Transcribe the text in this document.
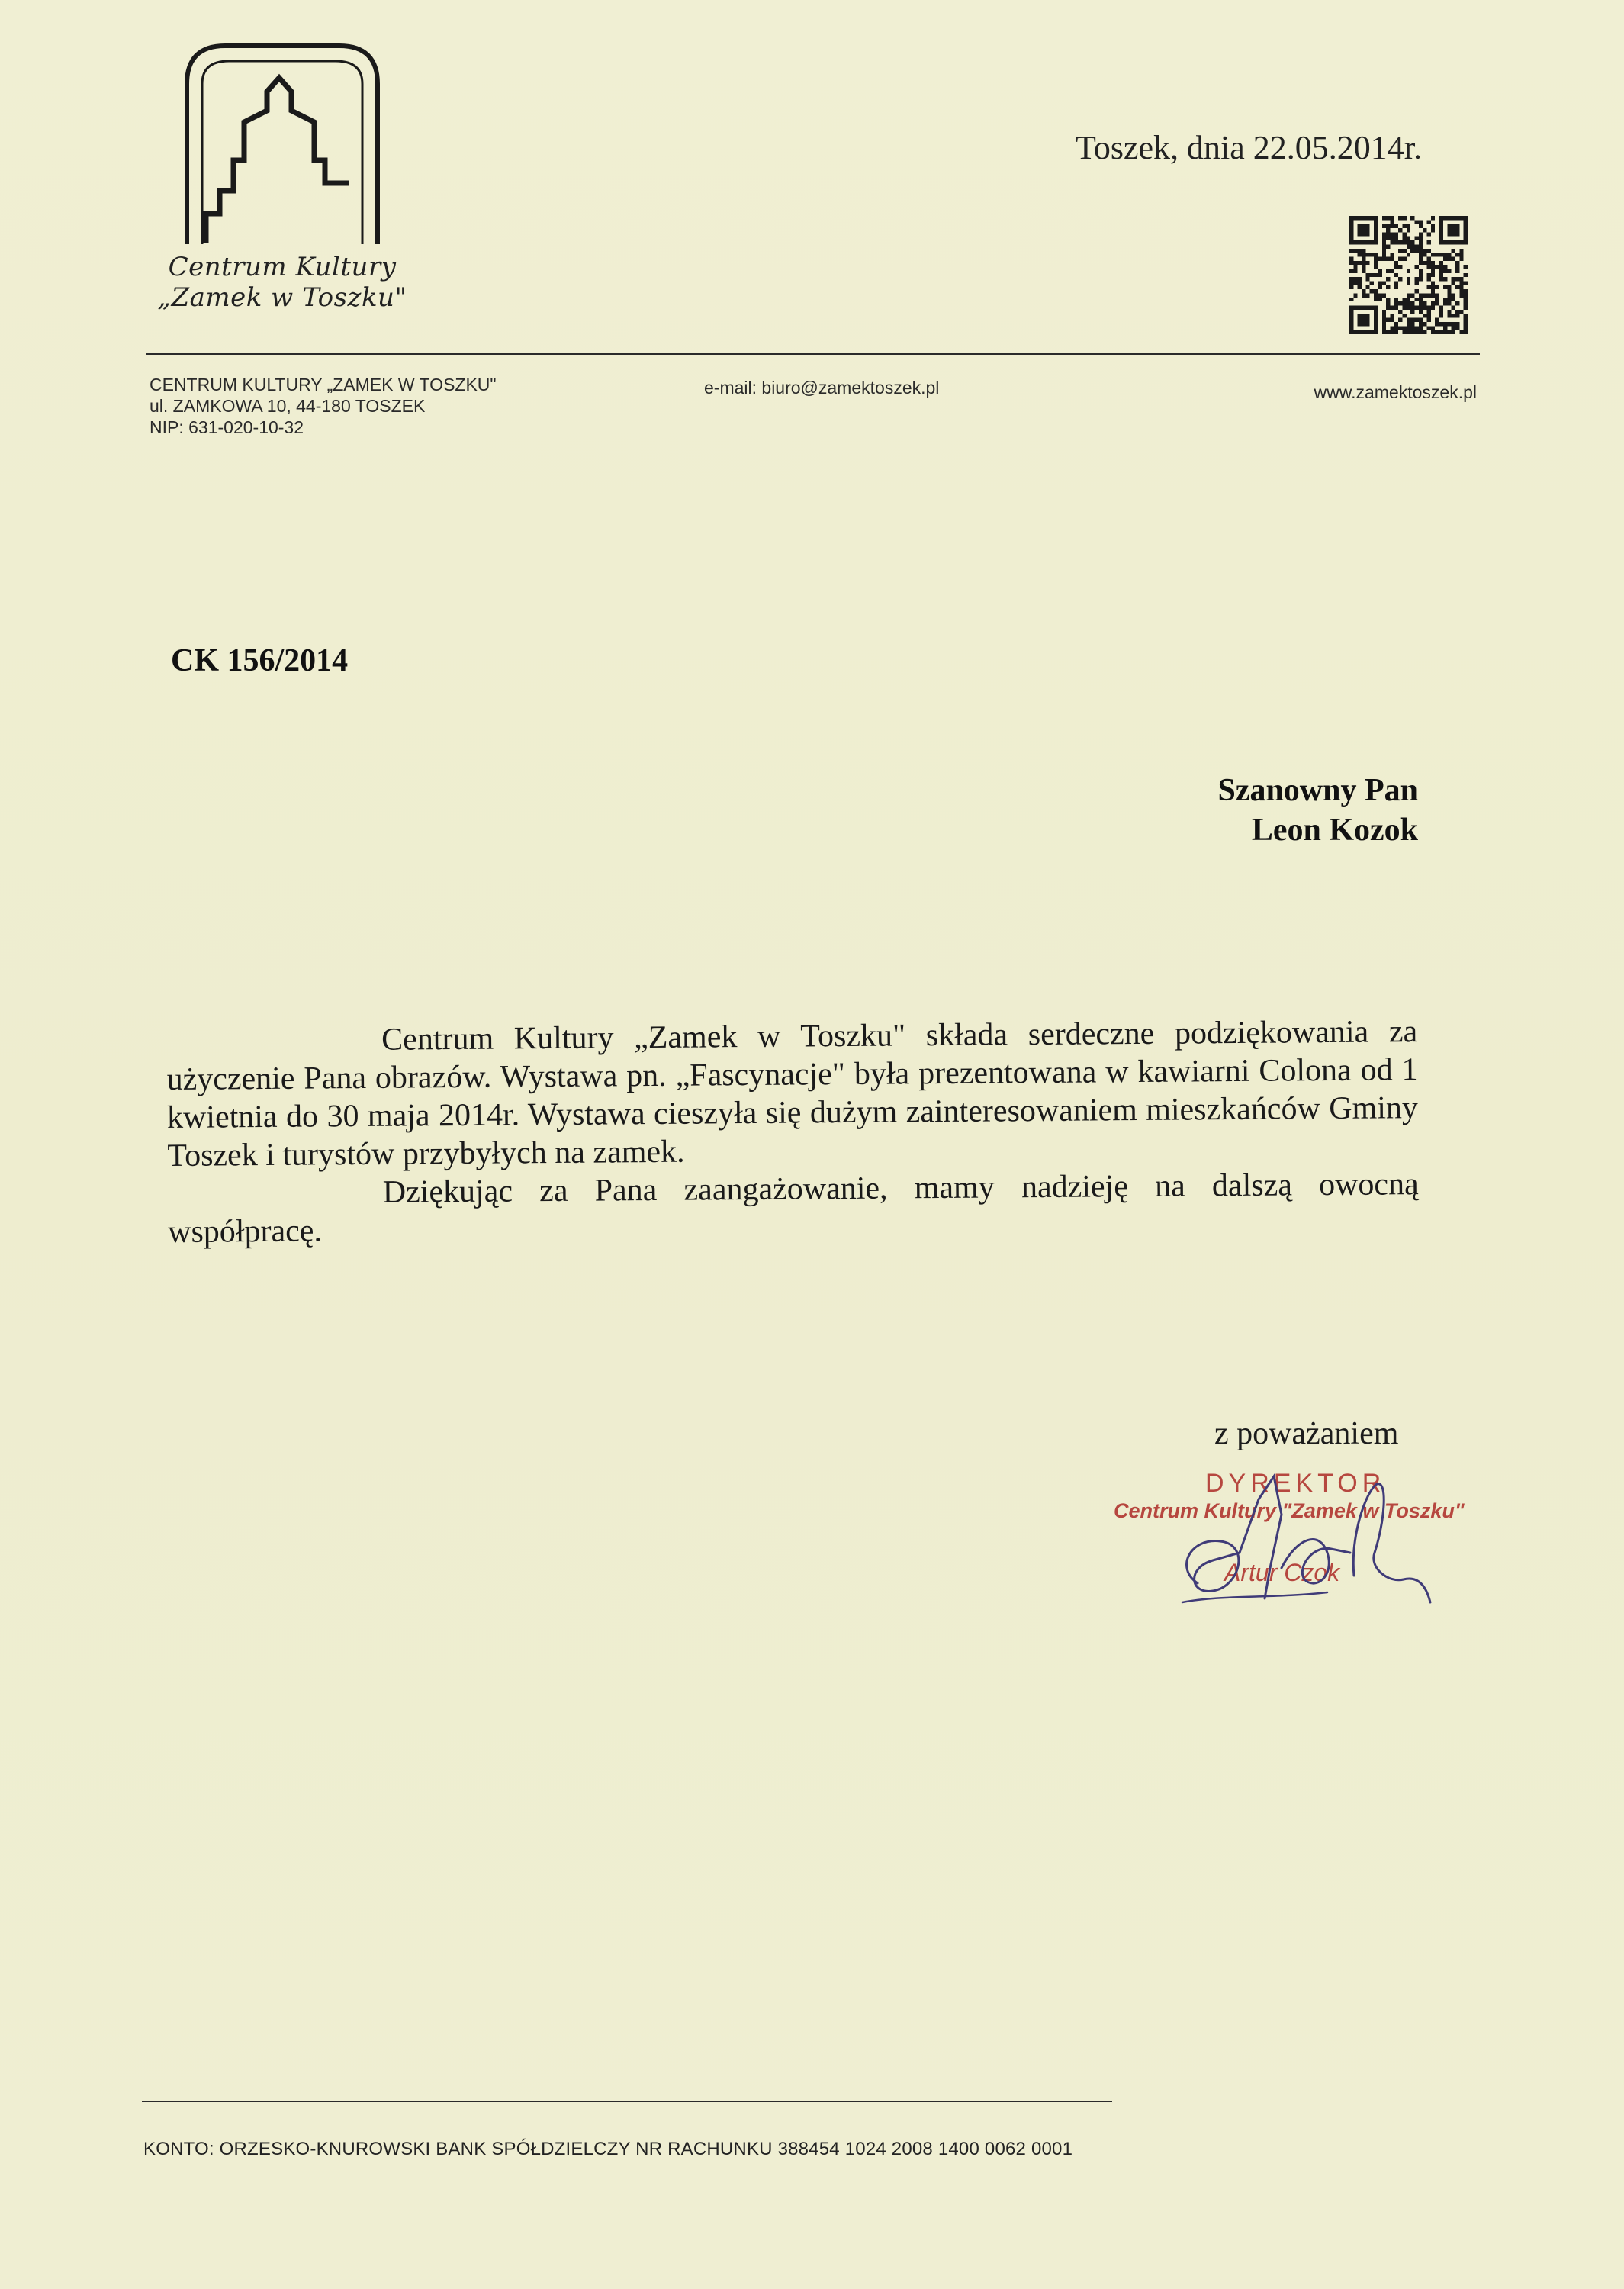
Centrum Kultury
„Zamek w Toszku"
Toszek, dnia 22.05.2014r.
CENTRUM KULTURY „ZAMEK W TOSZKU"
ul. ZAMKOWA 10, 44-180 TOSZEK
NIP: 631-020-10-32
e-mail: biuro@zamektoszek.pl	www.zamektoszek.pl
CK 156/2014
Szanowny Pan
Leon Kozok

Centrum Kultury „Zamek w Toszku" składa serdeczne podziękowania za użyczenie Pana obrazów. Wystawa pn. „Fascynacje" była prezentowana w kawiarni Colona od 1 kwietnia do 30 maja 2014r. Wystawa cieszyła się dużym zainteresowaniem mieszkańców Gminy Toszek i turystów przybyłych na zamek.

Dziękując za Pana zaangażowanie, mamy nadzieję na dalszą owocną współpracę.

z poważaniem
DYREKTOR
Centrum Kultury "Zamek w Toszku"
Artur Czok
KONTO: ORZESKO-KNUROWSKI BANK SPÓŁDZIELCZY NR RACHUNKU 388454 1024 2008 1400 0062 0001
